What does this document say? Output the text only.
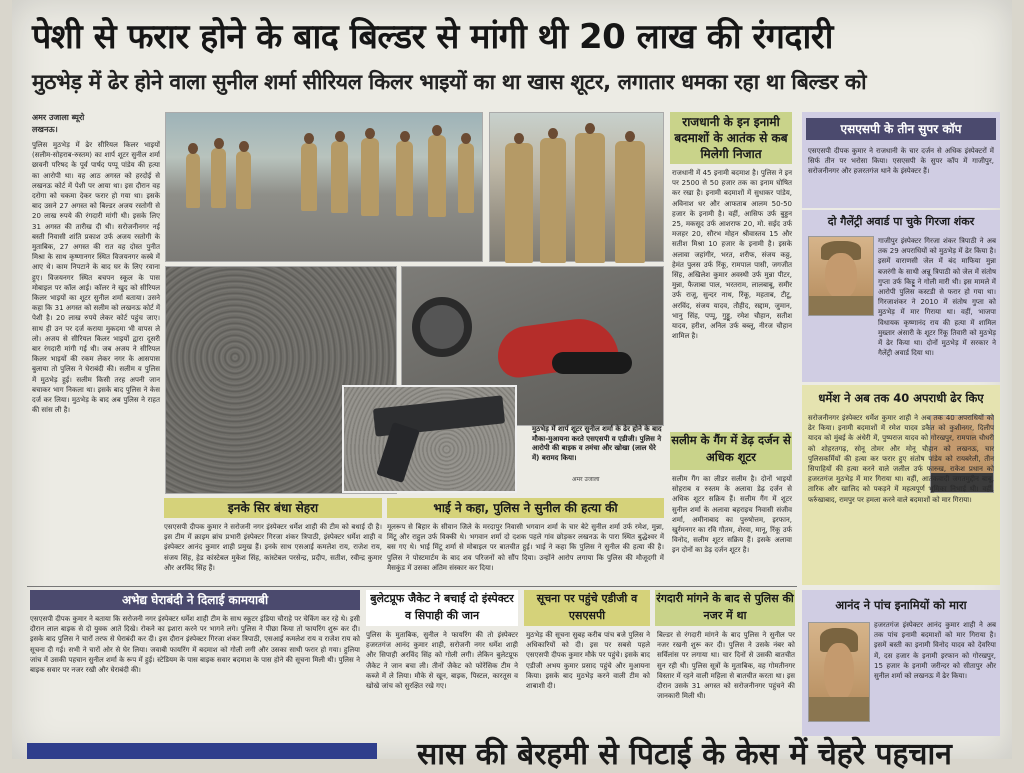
पेशी से फरार होने के बाद बिल्डर से मांगी थी 20 लाख की रंगदारी
मुठभेड़ में ढेर होने वाला सुनील शर्मा सीरियल किलर भाइयों का था खास शूटर, लगातार धमका रहा था बिल्डर को
अमर उजाला ब्यूरो
लखनऊ।
पुलिस मुठभेड़ में ढेर सीरियल किलर भाइयों (सलीम-सोहराब-रुस्तम) का शार्प शूटर सुनील शर्मा छावनी परिषद के पूर्व पार्षद पप्पू पांडेय की हत्या का आरोपी था। वह आठ अगस्त को हरदोई से लखनऊ कोर्ट में पेशी पर आया था। इस दौरान वह दरोगा को चकमा देकर फरार हो गया था। इसके बाद उसने 27 अगस्त को बिल्डर अजय रस्तोगी से 20 लाख रुपये की रंगदारी मांगी थी। इसके लिए 31 अगस्त की तारीख दी थी। सरोजनीनगर नई बस्ती निवासी शांति प्रकाश उर्फ अजय रस्तोगी के मुताबिक, 27 अगस्त की रात वह दोस्त पुनीत मिश्रा के साथ कृष्णानगर स्थित विजयनगर कस्बे में आए थे। काम निपटाने के बाद घर के लिए रवाना हुए। विजयनगर स्थित बचपन स्कूल के पास मोबाइल पर कॉल आई। कॉलर ने खुद को सीरियल किलर भाइयों का शूटर सुनील शर्मा बताया। उसने कहा कि 31 अगस्त को सलीम को लखनऊ कोर्ट में पेशी है। 20 लाख रुपये लेकर कोर्ट पहुंच जाए। साथ ही उन पर दर्ज कराया मुकदमा भी वापस ले लो। अजय से सीरियल किलर भाइयों द्वारा दूसरी बार रंगदारी मांगी गई थी। जब अजय ने सीरियल किलर भाइयों की रकम लेकर नगर के आसपास बुलाया तो पुलिस ने घेराबंदी की। सलीम व पुलिस में मुठभेड़ हुई। सलीम किसी तरह अपनी जान बचाकर भाग निकला था। इसके बाद पुलिस ने केस दर्ज कर लिया। मुठभेड़ के बाद अब पुलिस ने राहत की सांस ली है।
मुठभेड़ में शार्प शूटर सुनील शर्मा के ढेर होने के बाद मौका-मुआयना करते एसएसपी व एडीजी। पुलिस ने आरोपी की बाइक व तमंचा और खोखा (लाल घेरे में) बरामद किया।
अमर उजाला
राजधानी के इन इनामी बदमाशों के आतंक से कब मिलेगी निजात
राजधानी में 45 इनामी बदमाश है। पुलिस ने इन पर 2500 से 50 हजार तक का इनाम घोषित कर रखा है। इनामी बदमाशों में सुधाकर पांडेय, अविनाश धर और आफताब आलम 50-50 हजार के इनामी है। वहीं, आसिफ उर्फ बुड्डन 25, मकसूद उर्फ आशराफ 20, मो. सईद उर्फ मजहर 20, सौरभ मोहन श्रीवास्तव 15 और सतीश मिश्रा 10 हजार के इनामी है। इसके अलावा जहांगीर, भरत, शरीफ, संजय कठ्ठ, हेमंत पुलस उर्फ रिंकू, रामपाल पासी, जगजीत सिंह, अखिलेश कुमार अवस्थी उर्फ मुन्ना पीटर, मुन्ना, फैजाबा पाल, भरतराम, लालबाबू, समीर उर्फ राजू, सुन्दर नाथ, रिंकू, महताब, टीटू, अरविंद, संजय यादव, तौहीद, सद्दाम, जुमान, भानु सिंह, पप्पू, गुड्डू, रमेश चौहान, सतीश यादव, हरीश, अनिल उर्फ बब्लू, नीरज चौहान शामिल है।
सलीम के गैंग में डेढ़ दर्जन से अधिक शूटर
सलीम गैंग का लीडर सलीम है। दोनों भाइयों सोहराब व रुस्तम के अलावा डेढ़ दर्जन से अधिक शूटर सक्रिय हैं। सलीम गैंग में शूटर सुनील शर्मा के अलावा बहराइच निवासी संजीव शर्मा, अमीनाबाद का पुरुषोत्तम, इरफान, खुर्रमनगर का रवि गौतम, शेरवा, मानू, रिंकू उर्फ विनोद, सलीम शूटर सक्रिय हैं। इसके अलावा इन दोनों का डेढ़ दर्जन शूटर है।
इनके सिर बंधा सेहरा
एसएसपी दीपक कुमार ने सरोजनी नगर इंस्पेक्टर धर्मेश शाही की टीम को बधाई दी है। इस टीम में क्राइम ब्रांच प्रभारी इंस्पेक्टर गिरजा शंकर त्रिपाठी, इंस्पेक्टर धर्मेश शाही व इंस्पेक्टर आनंद कुमार शाही प्रमुख हैं। इनके साथ एसआई कमलेश राय, राजेश राय, संजय सिंह, हेड कांस्टेबल मुकेश सिंह, कांस्टेबल परसेन्द्र, प्रदीप, सतीश, रवीन्द्र कुमार और अरविंद सिंह हैं।
भाई ने कहा, पुलिस ने सुनील की हत्या की
मूलरूप से बिहार के सीवान जिले के मरदापुर निवासी भगवान शर्मा के चार बेटे सुनील शर्मा उर्फ रमेश, मुन्ना, मिंटू और राहुल उर्फ विक्की थे। भगवान शर्मा दो दशक पहले गांव छोड़कर लखनऊ के पारा स्थित बुद्धेश्वर में बस गए थे। भाई मिंटू शर्मा से मोबाइल पर बातचीत हुई। भाई ने कहा कि पुलिस ने सुनील की हत्या की है। पुलिस ने पोस्टमार्टम के बाद शव परिजनों को सौंप दिया। उन्होंने आरोप लगाया कि पुलिस की मौजूदगी में मैसकुंड में उसका अंतिम संस्कार कर दिया।
अभेद्य घेराबंदी ने दिलाई कामयाबी
एसएसपी दीपक कुमार ने बताया कि सरोजनी नगर इंस्पेक्टर धर्मेश शाही टीम के साथ स्कूटर इंडिया चौराहे पर चेकिंग कर रहे थे। इसी दौरान लाल बाइक से दो युवक आते दिखे। रोकने का इशारा करने पर भागने लगे। पुलिस ने पीछा किया तो फायरिंग शुरू कर दी। इसके बाद पुलिस ने चारों तरफ से घेराबंदी कर दी। इस दौरान इंस्पेक्टर गिरजा शंकर त्रिपाठी, एसआई कमलेश राय व राजेश राय को सूचना दी गई। सभी ने चारों ओर से घेर लिया। जवाबी फायरिंग में बदमाश को गोली लगी और उसका साथी फरार हो गया। हुलिया जांच में उसकी पहचान सुनील शर्मा के रूप में हुई। स्टेडियम के पास बाइक सवार बदमाश के पास होने की सूचना मिली थी। पुलिस ने बाइक सवार पर नजर रखी और घेराबंदी की।
बुलेटप्रूफ जैकेट ने बचाई दो इंस्पेक्टर व सिपाही की जान
पुलिस के मुताबिक, सुनील ने फायरिंग की तो इंस्पेक्टर हजरतगंज आनंद कुमार शाही, सरोजनी नगर धर्मेश शाही और सिपाही अरविंद सिंह को गोली लगी। लेकिन बुलेटप्रूफ जैकेट ने जान बचा ली। तीनों जैकेट को फोरेंसिक टीम ने कब्जे में ले लिया। मौके से खून, बाइक, पिस्टल, कारतूस व खोखे जांच को सुरक्षित रखे गए।
सूचना पर पहुंचे एडीजी व एसएसपी
मुठभेड़ की सूचना सुबह करीब पांच बजे पुलिस ने अधिकारियों को दी। इस पर सबसे पहले एसएसपी दीपक कुमार मौके पर पहुंचे। इसके बाद एडीजी अभय कुमार प्रसाद पहुंचे और मुआयना किया। इसके बाद मुठभेड़ करने वाली टीम को शाबाशी दी।
रंगदारी मांगने के बाद से पुलिस की नजर में था
बिल्डर से रंगदारी मांगने के बाद पुलिस ने सुनील पर नजर रखनी शुरू कर दी। पुलिस ने उसके नंबर को सर्विलांस पर लगाया था। चार दिनों से उसकी बातचीत सुन रही थी। पुलिस सूत्रों के मुताबिक, वह गोमतीनगर विस्तार में रहने वाली महिला से बातचीत करता था। इस दौरान उसके 31 अगस्त को सरोजनीनगर पहुंचने की जानकारी मिली थी।
एसएसपी के तीन सुपर कॉप
एसएसपी दीपक कुमार ने राजधानी के चार दर्जन से अधिक इंस्पेक्टरों में सिर्फ तीन पर भरोसा किया। एसएसपी के सुपर कॉप में गाजीपुर, सरोजनीनगर और हजरतगंज थाने के इंस्पेक्टर हैं।
दो गैलेंट्री अवार्ड पा चुके गिरजा शंकर
गाजीपुर इंस्पेक्टर गिरजा शंकर त्रिपाठी ने अब तक 29 अपराधियों को मुठभेड़ में ढेर किया है। इसमें वाराणसी जेल में बंद माफिया मुन्ना बजरंगी के साथी अन्नू त्रिपाठी को जेल में संतोष गुप्ता उर्फ किट्टू ने गोली मारी थी। इस मामले में आरोपी पुलिस कस्टडी से फरार हो गया था। गिरजाशंकर ने 2010 में संतोष गुप्ता को मुठभेड़ में मार गिराया था। वहीं, भाजपा विधायक कृष्णानंद राय की हत्या में शामिल मुख्तार अंसारी के शूटर रिंकू तिवारी को मुठभेड़ में ढेर किया था। दोनों मुठभेड़ में सरकार ने गैलेंट्री अवार्ड दिया था।
धर्मेश ने अब तक 40 अपराधी ढेर किए
सरोजनीनगर इंस्पेक्टर धर्मेश कुमार शाही ने अब तक 40 अपराधियों को ढेर किया। इनामी बदमाशों में रमेश यादव डकैत को कुशीनगर, दिलीप यादव को मुंबई के अंधेरी में, पुष्पराज यादव को गोरखपुर, रामपाल चौधरी को शोहरतगढ़, सोनू तोमर और मोनू चौहान को लखनऊ, चार पुलिसकर्मियों की हत्या कर फरार हुए संतोष पांडेय को रायबरेली, तीन सिपाहियों की हत्या करने वाले जलील उर्फ फारुख, राकेश प्रधान को हजरतगंज मुठभेड़ में मार गिराया था। वहीं, आतंकवादी जगतमुद्दीन बाबू, तारिक और खालिद को पकड़ने में महत्वपूर्ण भूमिका निभाई थी। वहीं, फर्रुखाबाद, रामपुर पर हमला करने वाले बदमाशों को मार गिराया।
आनंद ने पांच इनामियों को मारा
हजरतगंज इंस्पेक्टर आनंद कुमार शाही ने अब तक पांच इनामी बदमाशों को मार गिराया है। इसमें बस्ती का इनामी विनोद यादव को देवरिया में, दस हजार के इनामी इरफान को गोरखपुर, 15 हजार के इनामी जरीन्दर को सीतापुर और सुनील शर्मा को लखनऊ में ढेर किया।
सास की बेरहमी से पिटाई के केस में चेहरे पहचान
